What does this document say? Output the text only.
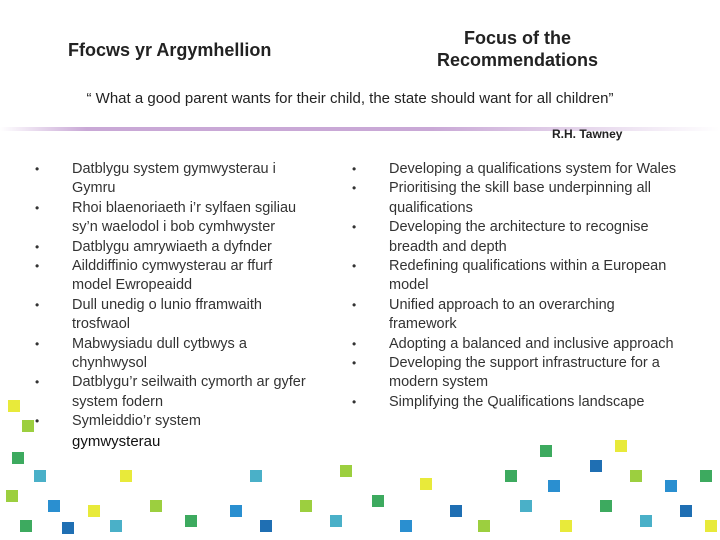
Ffocws yr Argymhellion
Focus of the Recommendations
“ What a good parent wants for their child, the state should want for all children”
R.H. Tawney
• Datblygu system gymwysterau i Gymru
• Rhoi blaenoriaeth i’r sylfaen sgiliau sy’n waelodol i bob cymhwyster
• Datblygu amrywiaeth a dyfnder
• Ailddiffinio cymwysterau ar ffurf model Ewropeaidd
• Dull unedig o lunio fframwaith trosfwaol
• Mabwysiadu dull cytbwys a chynhwysol
• Datblygu’r seilwaith cymorth ar gyfer system fodern
• Symleiddio’r system
gymwysterau
• Developing a qualifications system for Wales
• Prioritising the skill base underpinning all qualifications
• Developing the architecture to recognise breadth and depth
• Redefining qualifications within a European model
• Unified approach to an overarching framework
• Adopting a balanced and inclusive approach
• Developing the support infrastructure for a modern system
• Simplifying the Qualifications landscape
